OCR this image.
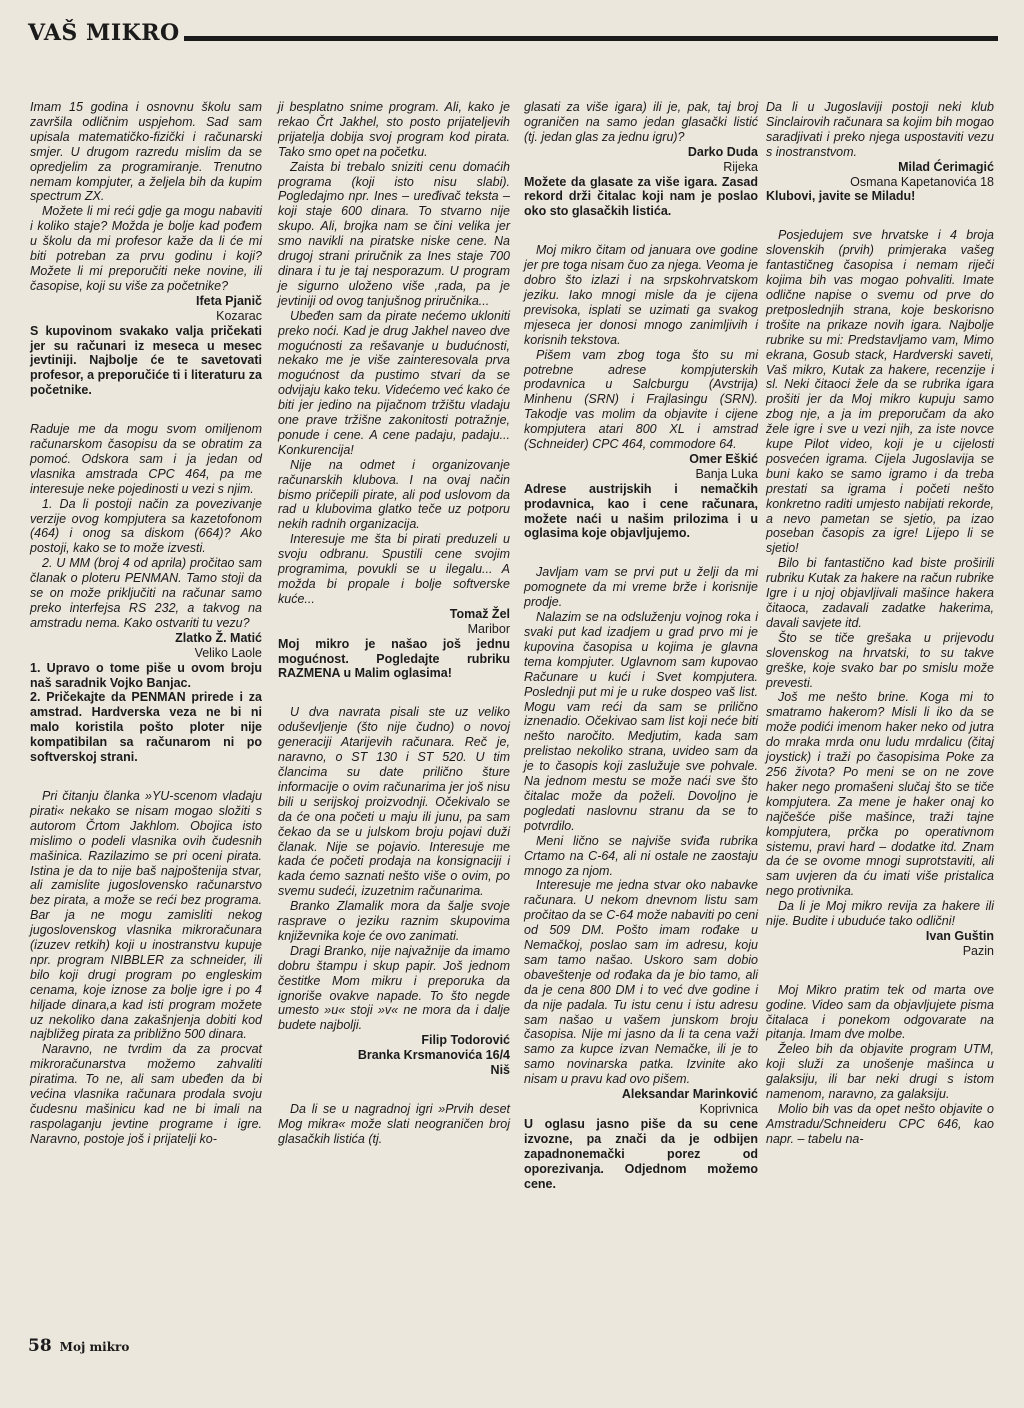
VAŠ MIKRO

Imam 15 godina i osnovnu školu sam završila odličnim uspjehom. Sad sam upisala matematičko-fizički i računarski smjer. U drugom razredu mislim da se opredjelim za programiranje. Trenutno nemam kompjuter, a željela bih da kupim spectrum ZX.

Možete li mi reći gdje ga mogu nabaviti i koliko staje? Možda je bolje kad pođem u školu da mi profesor kaže da li će mi biti potreban za prvu godinu i koji? Možete li mi preporučiti neke novine, ili časopise, koji su više za početnike?

Ifeta Pjanič

Kozarac

S kupovinom svakako valja pričekati jer su računari iz meseca u mesec jevtiniji. Najbolje će te savetovati profesor, a preporučiće ti i literaturu za početnike.

Raduje me da mogu svom omiljenom računarskom časopisu da se obratim za pomoć. Odskora sam i ja jedan od vlasnika amstrada CPC 464, pa me interesuje neke pojedinosti u vezi s njim.

1. Da li postoji način za povezivanje verzije ovog kompjutera sa kazetofonom (464) i onog sa diskom (664)? Ako postoji, kako se to može izvesti.

2. U MM (broj 4 od aprila) pročitao sam članak o ploteru PENMAN. Tamo stoji da se on može priključiti na računar samo preko interfejsa RS 232, a takvog na amstradu nema. Kako ostvariti tu vezu?

Zlatko Ž. Matić

Veliko Laole

1. Upravo o tome piše u ovom broju naš saradnik Vojko Banjac.

2. Pričekajte da PENMAN prirede i za amstrad. Hardverska veza ne bi ni malo koristila pošto ploter nije kompatibilan sa računarom ni po softverskoj strani.

Pri čitanju članka »YU-scenom vladaju pirati« nekako se nisam mogao složiti s autorom Črtom Jakhlom. Obojica isto mislimo o podeli vlasnika ovih čudesnih mašinica. Razilazimo se pri oceni pirata. Istina je da to nije baš najpoštenija stvar, ali zamislite jugoslovensko računarstvo bez pirata, a može se reći bez programa. Bar ja ne mogu zamisliti nekog jugoslovenskog vlasnika mikroračunara (izuzev retkih) koji u inostranstvu kupuje npr. program NIBBLER za schneider, ili bilo koji drugi program po engleskim cenama, koje iznose za bolje igre i po 4 hiljade dinara,a kad isti program možete uz nekoliko dana zakašnjenja dobiti kod najbližeg pirata za približno 500 dinara.

Naravno, ne tvrdim da za procvat mikroračunarstva možemo zahvaliti piratima. To ne, ali sam ubeđen da bi većina vlasnika računara prodala svoju čudesnu mašinicu kad ne bi imali na raspolaganju jevtine programe i igre. Naravno, postoje još i prijatelji ko-

ji besplatno snime program. Ali, kako je rekao Črt Jakhel, sto posto prijateljevih prijatelja dobija svoj program kod pirata. Tako smo opet na početku.

Zaista bi trebalo sniziti cenu domaćih programa (koji isto nisu slabi). Pogledajmo npr. Ines – uređivač teksta – koji staje 600 dinara. To stvarno nije skupo. Ali, brojka nam se čini velika jer smo navikli na piratske niske cene. Na drugoj strani priručnik za Ines staje 700 dinara i tu je taj nesporazum. U program je sigurno uloženo više ,rada, pa je jevtiniji od ovog tanjušnog priručnika...

Ubeđen sam da pirate nećemo ukloniti preko noći. Kad je drug Jakhel naveo dve mogućnosti za rešavanje u budućnosti, nekako me je više zainteresovala prva mogućnost da pustimo stvari da se odvijaju kako teku. Videćemo već kako će biti jer jedino na pijačnom tržištu vladaju one prave tržišne zakonitosti potražnje, ponude i cene. A cene padaju, padaju... Konkurencija!

Nije na odmet i organizovanje računarskih klubova. I na ovaj način bismo pričepili pirate, ali pod uslovom da rad u klubovima glatko teče uz potporu nekih radnih organizacija.

Interesuje me šta bi pirati preduzeli u svoju odbranu. Spustili cene svojim programima, povukli se u ilegalu... A možda bi propale i bolje softverske kuće...

Tomaž Žel

Maribor

Moj mikro je našao još jednu mogućnost. Pogledajte rubriku RAZMENA u Malim oglasima!

U dva navrata pisali ste uz veliko oduševljenje (što nije čudno) o novoj generaciji Atarijevih računara. Reč je, naravno, o ST 130 i ST 520. U tim člancima su date prilično šture informacije o ovim računarima jer još nisu bili u serijskoj proizvodnji. Očekivalo se da će ona početi u maju ili junu, pa sam čekao da se u julskom broju pojavi duži članak. Nije se pojavio. Interesuje me kada će početi prodaja na konsignaciji i kada ćemo saznati nešto više o ovim, po svemu sudeći, izuzetnim računarima.

Branko Zlamalik mora da šalje svoje rasprave o jeziku raznim skupovima književnika koje će ovo zanimati.

Dragi Branko, nije najvažnije da imamo dobru štampu i skup papir. Još jednom čestitke Mom mikru i preporuka da ignoriše ovakve napade. To što negde umesto »u« stoji »v« ne mora da i dalje budete najbolji.

Filip Todorović

Branka Krsmanovića 16/4

Niš

Da li se u nagradnoj igri »Prvih deset Mog mikra« može slati neograničen broj glasačkih listića (tj.

glasati za više igara) ili je, pak, taj broj ograničen na samo jedan glasački listić (tj. jedan glas za jednu igru)?

Darko Duda

Rijeka

Možete da glasate za više igara. Zasad rekord drži čitalac koji nam je poslao oko sto glasačkih listića.

Moj mikro čitam od januara ove godine jer pre toga nisam čuo za njega. Veoma je dobro što izlazi i na srpskohrvatskom jeziku. Iako mnogi misle da je cijena previsoka, isplati se uzimati ga svakog mjeseca jer donosi mnogo zanimljivih i korisnih tekstova.

Pišem vam zbog toga što su mi potrebne adrese kompjuterskih prodavnica u Salcburgu (Avstrija) Minhenu (SRN) i Frajlasingu (SRN). Takodje vas molim da objavite i cijene kompjutera atari 800 XL i amstrad (Schneider) CPC 464, commodore 64.

Omer Eškić

Banja Luka

Adrese austrijskih i nemačkih prodavnica, kao i cene računara, možete naći u našim prilozima i u oglasima koje objavljujemo.

Javljam vam se prvi put u želji da mi pomognete da mi vreme brže i korisnije prodje.

Nalazim se na odsluženju vojnog roka i svaki put kad izadjem u grad prvo mi je kupovina časopisa u kojima je glavna tema kompjuter. Uglavnom sam kupovao Računare u kući i Svet kompjutera. Poslednji put mi je u ruke dospeo vaš list. Mogu vam reći da sam se prilično iznenadio. Očekivao sam list koji neće biti nešto naročito. Medjutim, kada sam prelistao nekoliko strana, uvideo sam da je to časopis koji zaslužuje sve pohvale. Na jednom mestu se može naći sve što čitalac može da poželi. Dovoljno je pogledati naslovnu stranu da se to potvrdilo.

Meni lično se najviše sviđa rubrika Crtamo na C-64, ali ni ostale ne zaostaju mnogo za njom.

Interesuje me jedna stvar oko nabavke računara. U nekom dnevnom listu sam pročitao da se C-64 može nabaviti po ceni od 509 DM. Pošto imam rođake u Nemačkoj, poslao sam im adresu, koju sam tamo našao. Uskoro sam dobio obaveštenje od rođaka da je bio tamo, ali da je cena 800 DM i to već dve godine i da nije padala. Tu istu cenu i istu adresu sam našao u vašem junskom broju časopisa. Nije mi jasno da li ta cena važi samo za kupce izvan Nemačke, ili je to samo novinarska patka. Izvinite ako nisam u pravu kad ovo pišem.

Aleksandar Marinković

Koprivnica

U oglasu jasno piše da su cene izvozne, pa znači da je odbijen zapadnonemački porez od oporezivanja. Odjednom možemo cene.

Da li u Jugoslaviji postoji neki klub Sinclairovih računara sa kojim bih mogao saradjivati i preko njega uspostaviti vezu s inostranstvom.

Milad Ćerimagić

Osmana Kapetanovića 18

Klubovi, javite se Miladu!

Posjedujem sve hrvatske i 4 broja slovenskih (prvih) primjeraka vašeg fantastičneg časopisa i nemam riječi kojima bih vas mogao pohvaliti. Imate odlične napise o svemu od prve do pretposlednjih strana, koje beskorisno trošite na prikaze novih igara. Najbolje rubrike su mi: Predstavljamo vam, Mimo ekrana, Gosub stack, Hardverski saveti, Vaš mikro, Kutak za hakere, recenzije i sl. Neki čitaoci žele da se rubrika igara prošiti jer da Moj mikro kupuju samo zbog nje, a ja im preporučam da ako žele igre i sve u vezi njih, za iste novce kupe Pilot video, koji je u cijelosti posvećen igrama. Cijela Jugoslavija se buni kako se samo igramo i da treba prestati sa igrama i početi nešto konkretno raditi umjesto nabijati rekorde, a nevo pametan se sjetio, pa izao poseban časopis za igre! Lijepo li se sjetio!

Bilo bi fantastično kad biste proširili rubriku Kutak za hakere na račun rubrike Igre i u njoj objavljivali mašince hakera čitaoca, zadavali zadatke hakerima, davali savjete itd.

Što se tiče grešaka u prijevodu slovenskog na hrvatski, to su takve greške, koje svako bar po smislu može prevesti.

Još me nešto brine. Koga mi to smatramo hakerom? Misli li iko da se može podići imenom haker neko od jutra do mraka mrda onu ludu mrdalicu (čitaj joystick) i traži po časopisima Poke za 256 života? Po meni se on ne zove haker nego promašeni slučaj što se tiče kompjutera. Za mene je haker onaj ko najčešće piše mašince, traži tajne kompjutera, prčka po operativnom sistemu, pravi hard – dodatke itd. Znam da će se ovome mnogi suprotstaviti, ali sam uvjeren da ću imati više pristalica nego protivnika.

Da li je Moj mikro revija za hakere ili nije. Budite i ubuduće tako odlični!

Ivan Guštin

Pazin

Moj Mikro pratim tek od marta ove godine. Video sam da objavljujete pisma čitalaca i ponekom odgovarate na pitanja. Imam dve molbe.

Želeo bih da objavite program UTM, koji služi za unošenje mašinca u galaksiju, ili bar neki drugi s istom namenom, naravno, za galaksiju.

Molio bih vas da opet nešto objavite o Amstradu/Schneideru CPC 646, kao napr. – tabelu na-

58 Moj mikro
